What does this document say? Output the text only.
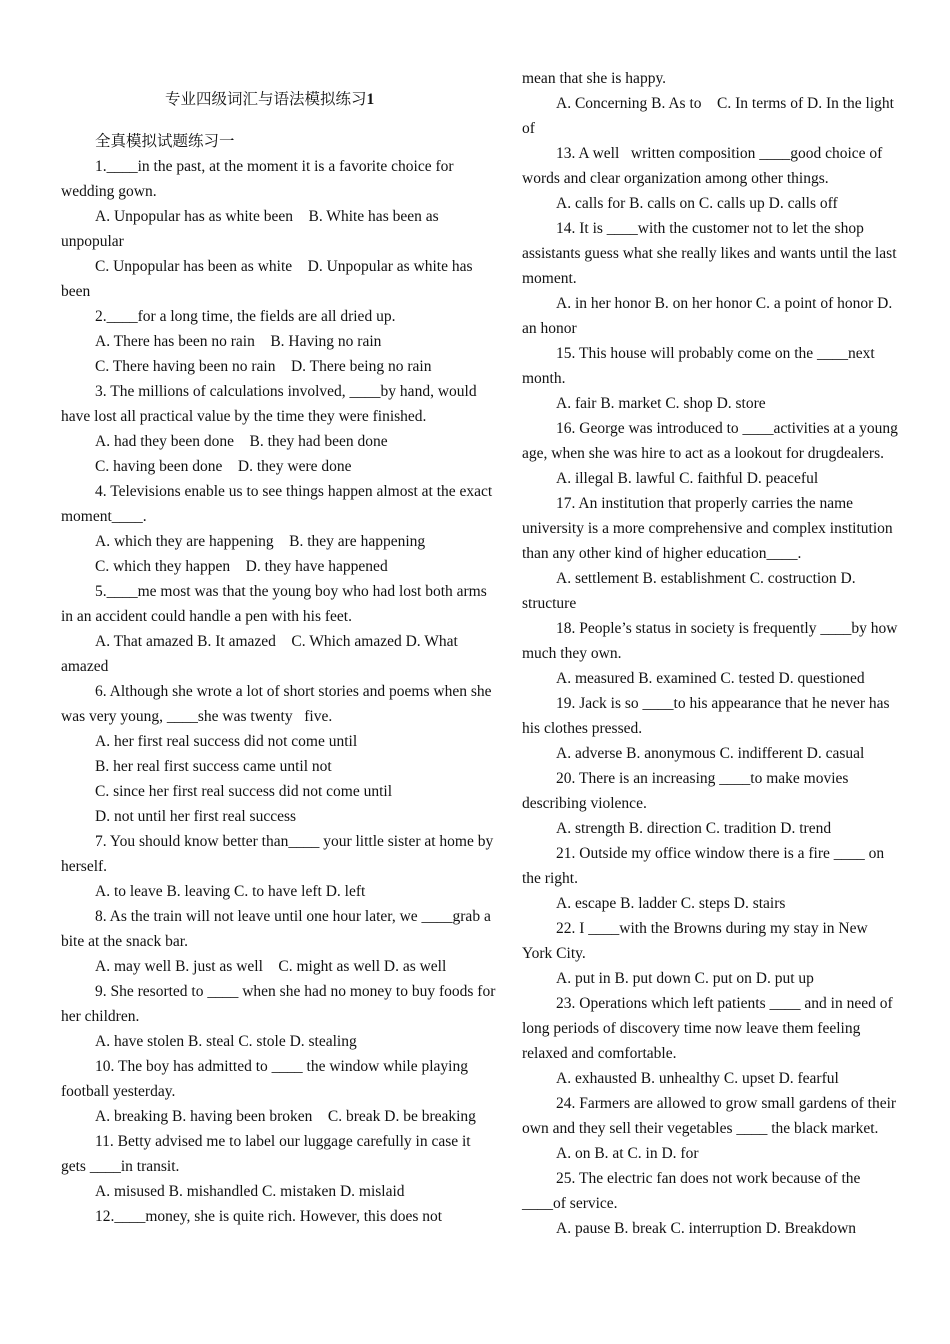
专业四级词汇与语法模拟练习1

全真模拟试题练习一

1.____in the past, at the moment it is a favorite choice for wedding gown.

A. Unpopular has as white been    B. White has been as unpopular

C. Unpopular has been as white    D. Unpopular as white has been

2.____for a long time, the fields are all dried up.

A. There has been no rain    B. Having no rain

C. There having been no rain    D. There being no rain

3. The millions of calculations involved, ____by hand, would have lost all practical value by the time they were finished.

A. had they been done    B. they had been done

C. having been done    D. they were done

4. Televisions enable us to see things happen almost at the exact moment____.

A. which they are happening    B. they are happening

C. which they happen    D. they have happened

5.____me most was that the young boy who had lost both arms in an accident could handle a pen with his feet.

A. That amazed B. It amazed    C. Which amazed D. What amazed

6. Although she wrote a lot of short stories and poems when she was very young, ____she was twenty   five.

A. her first real success did not come until

B. her real first success came until not

C. since her first real success did not come until

D. not until her first real success

7. You should know better than____ your little sister at home by herself.

A. to leave B. leaving C. to have left D. left

8. As the train will not leave until one hour later, we ____grab a bite at the snack bar.

A. may well B. just as well    C. might as well D. as well

9. She resorted to ____ when she had no money to buy foods for her children.

A. have stolen B. steal C. stole D. stealing

10. The boy has admitted to ____ the window while playing football yesterday.

A. breaking B. having been broken    C. break D. be breaking

11. Betty advised me to label our luggage carefully in case it gets ____in transit.

A. misused B. mishandled C. mistaken D. mislaid

12.____money, she is quite rich. However, this does not

mean that she is happy.

A. Concerning B. As to    C. In terms of D. In the light of

13. A well   written composition ____good choice of words and clear organization among other things.

A. calls for B. calls on C. calls up D. calls off

14. It is ____with the customer not to let the shop assistants guess what she really likes and wants until the last moment.

A. in her honor B. on her honor C. a point of honor D. an honor

15. This house will probably come on the ____next month.

A. fair B. market C. shop D. store

16. George was introduced to ____activities at a young age, when she was hire to act as a lookout for drugdealers.

A. illegal B. lawful C. faithful D. peaceful

17. An institution that properly carries the name university is a more comprehensive and complex institution than any other kind of higher education____.

A. settlement B. establishment C. costruction D. structure

18. People’s status in society is frequently ____by how much they own.

A. measured B. examined C. tested D. questioned

19. Jack is so ____to his appearance that he never has his clothes pressed.

A. adverse B. anonymous C. indifferent D. casual

20. There is an increasing ____to make movies describing violence.

A. strength B. direction C. tradition D. trend

21. Outside my office window there is a fire ____ on the right.

A. escape B. ladder C. steps D. stairs

22. I ____with the Browns during my stay in New York City.

A. put in B. put down C. put on D. put up

23. Operations which left patients ____ and in need of long periods of discovery time now leave them feeling relaxed and comfortable.

A. exhausted B. unhealthy C. upset D. fearful

24. Farmers are allowed to grow small gardens of their own and they sell their vegetables ____ the black market.

A. on B. at C. in D. for

25. The electric fan does not work because of the ____of service.

A. pause B. break C. interruption D. Breakdown
